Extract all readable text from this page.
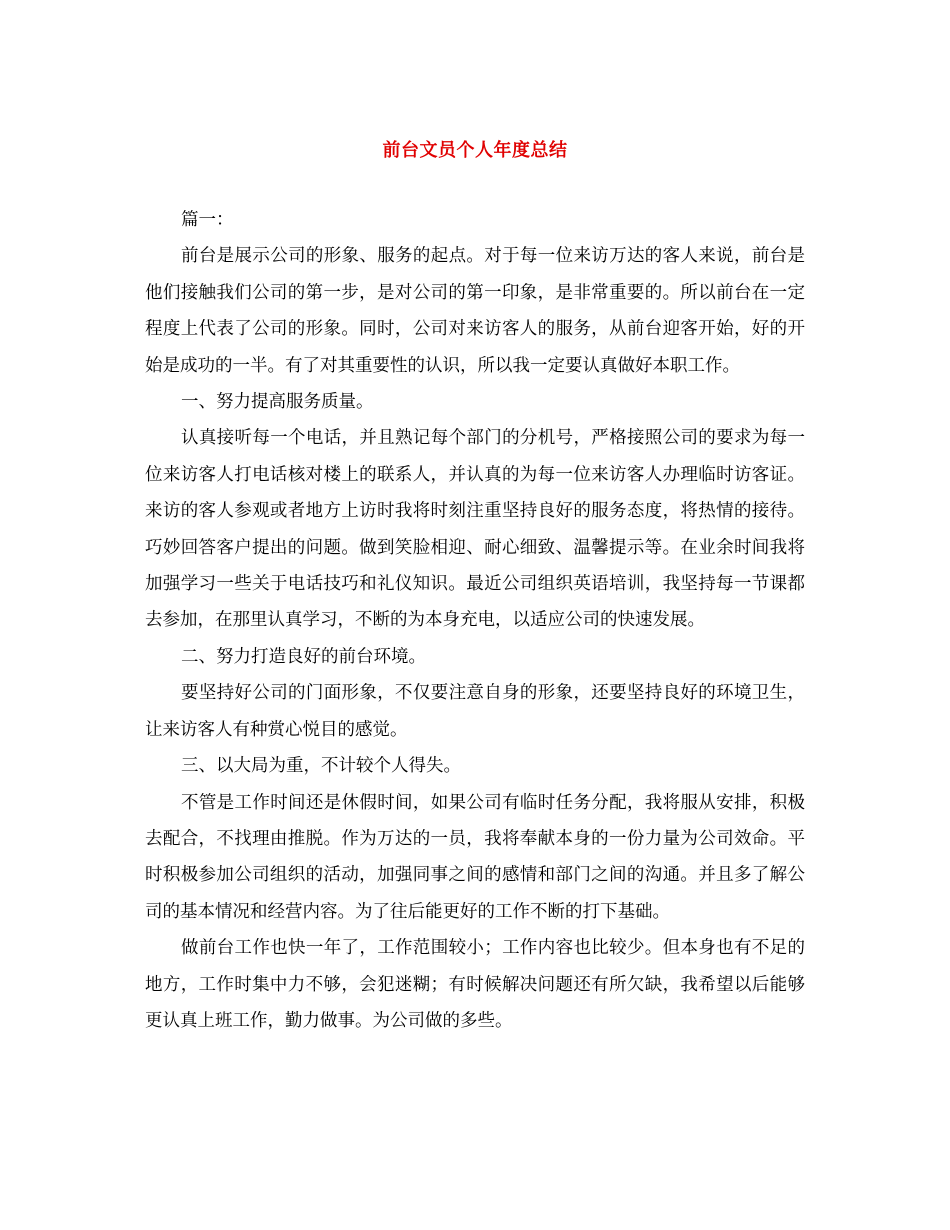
前台文员个人年度总结

篇一：

前台是展示公司的形象、服务的起点。对于每一位来访万达的客人来说，前台是他们接触我们公司的第一步，是对公司的第一印象，是非常重要的。所以前台在一定程度上代表了公司的形象。同时，公司对来访客人的服务，从前台迎客开始，好的开始是成功的一半。有了对其重要性的认识，所以我一定要认真做好本职工作。

一、努力提高服务质量。

认真接听每一个电话，并且熟记每个部门的分机号，严格接照公司的要求为每一位来访客人打电话核对楼上的联系人，并认真的为每一位来访客人办理临时访客证。来访的客人参观或者地方上访时我将时刻注重坚持良好的服务态度，将热情的接待。巧妙回答客户提出的问题。做到笑脸相迎、耐心细致、温馨提示等。在业余时间我将加强学习一些关于电话技巧和礼仪知识。最近公司组织英语培训，我坚持每一节课都去参加，在那里认真学习，不断的为本身充电，以适应公司的快速发展。

二、努力打造良好的前台环境。

要坚持好公司的门面形象，不仅要注意自身的形象，还要坚持良好的环境卫生，让来访客人有种赏心悦目的感觉。

三、以大局为重，不计较个人得失。

不管是工作时间还是休假时间，如果公司有临时任务分配，我将服从安排，积极去配合，不找理由推脱。作为万达的一员，我将奉献本身的一份力量为公司效命。平时积极参加公司组织的活动，加强同事之间的感情和部门之间的沟通。并且多了解公司的基本情况和经营内容。为了往后能更好的工作不断的打下基础。

做前台工作也快一年了，工作范围较小；工作内容也比较少。但本身也有不足的地方，工作时集中力不够，会犯迷糊；有时候解决问题还有所欠缺，我希望以后能够更认真上班工作，勤力做事。为公司做的多些。
